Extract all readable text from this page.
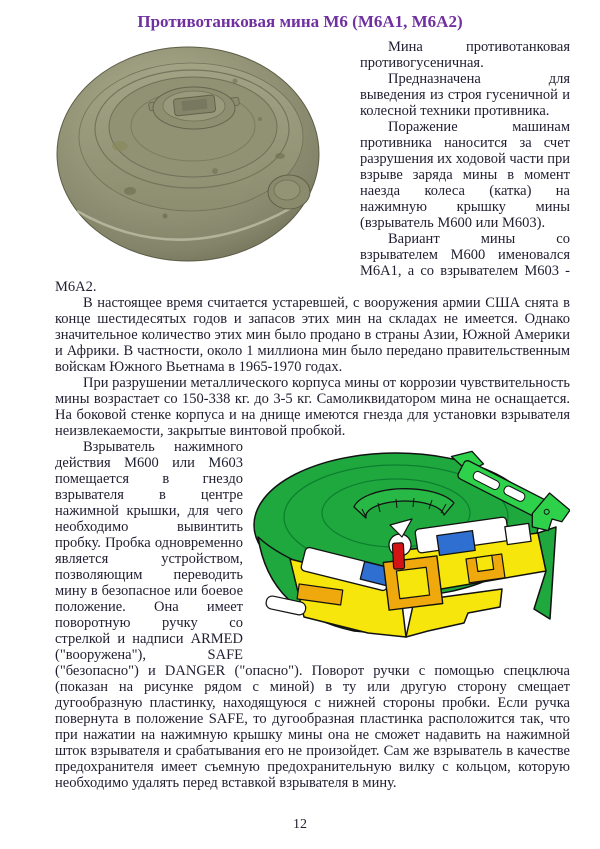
Противотанковая мина М6 (М6А1, М6А2)

Мина противотанковая противогусеничная.

Предназначена для выведения из строя гусеничной и колесной техники противника.

Поражение машинам противника наносится за счет разрушения их ходовой части при взрыве заряда мины в момент наезда колеса (катка) на нажимную крышку мины (взрыватель М600 или М603).

Вариант мины со взрывателем М600 именовался М6А1, а со взрывателем М603 - М6А2.

В настоящее время считается устаревшей, с вооружения армии США снята в конце шестидесятых годов и запасов этих мин на складах не имеется. Однако значительное количество этих мин было продано в страны Азии, Южной Америки и Африки. В частности, около 1 миллиона мин было передано правительственным войскам Южного Вьетнама в 1965-1970 годах.

При разрушении металлического корпуса мины от коррозии чувствительность мины возрастает со 150-338 кг. до 3-5 кг. Самоликвидатором мина не оснащается. На боковой стенке корпуса и на днище имеются гнезда для установки взрывателя неизвлекаемости, закрытые винтовой пробкой.

Взрыватель нажимного действия М600 или М603 помещается в гнездо взрывателя в центре нажимной крышки, для чего необходимо вывинтить пробку. Пробка одновременно является устройством, позволяющим переводить мину в безопасное или боевое положение. Она имеет поворотную ручку со стрелкой и надписи ARMED ("вооружена"), SAFE ("безопасно") и DANGER ("опасно"). Поворот ручки с помощью спецключа (показан на рисунке рядом с миной) в ту или другую сторону смещает дугообразную пластинку, находящуюся с нижней стороны пробки. Если ручка повернута в положение SAFE, то дугообразная пластинка расположится так, что при нажатии на нажимную крышку мины она не сможет надавить на нажимной шток взрывателя и срабатывания его не произойдет. Сам же взрыватель в качестве предохранителя имеет съемную предохранительную вилку с кольцом, которую необходимо удалять перед вставкой взрывателя в мину.

12
